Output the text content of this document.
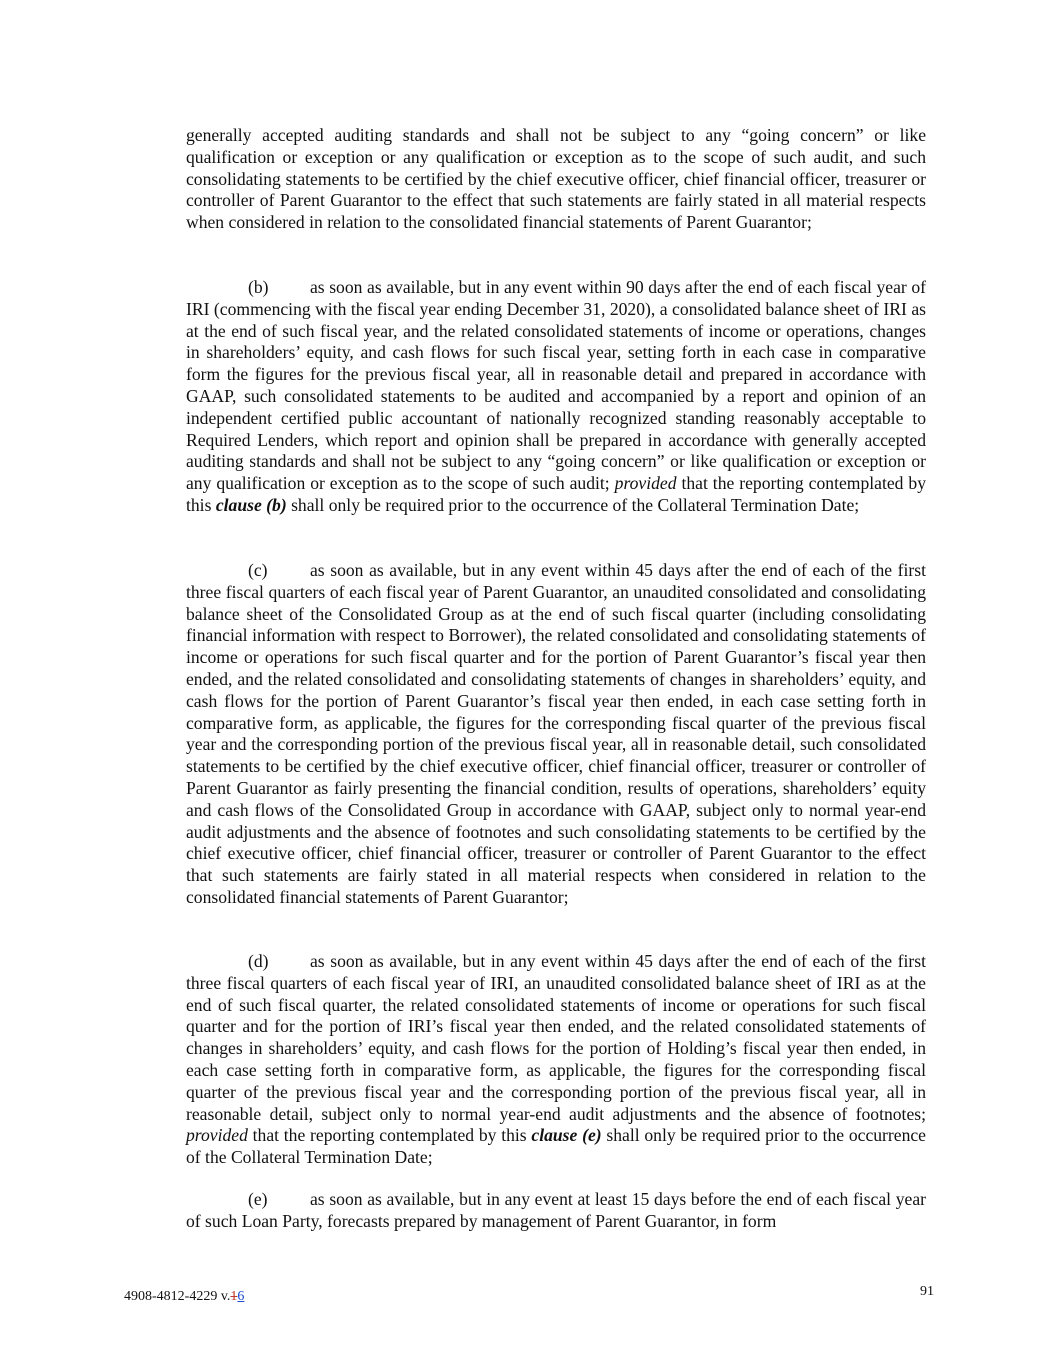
generally accepted auditing standards and shall not be subject to any “going concern” or like qualification or exception or any qualification or exception as to the scope of such audit, and such consolidating statements to be certified by the chief executive officer, chief financial officer, treasurer or controller of Parent Guarantor to the effect that such statements are fairly stated in all material respects when considered in relation to the consolidated financial statements of Parent Guarantor;

(b) as soon as available, but in any event within 90 days after the end of each fiscal year of IRI (commencing with the fiscal year ending December 31, 2020), a consolidated balance sheet of IRI as at the end of such fiscal year, and the related consolidated statements of income or operations, changes in shareholders’ equity, and cash flows for such fiscal year, setting forth in each case in comparative form the figures for the previous fiscal year, all in reasonable detail and prepared in accordance with GAAP, such consolidated statements to be audited and accompanied by a report and opinion of an independent certified public accountant of nationally recognized standing reasonably acceptable to Required Lenders, which report and opinion shall be prepared in accordance with generally accepted auditing standards and shall not be subject to any “going concern” or like qualification or exception or any qualification or exception as to the scope of such audit; provided that the reporting contemplated by this clause (b) shall only be required prior to the occurrence of the Collateral Termination Date;

(c) as soon as available, but in any event within 45 days after the end of each of the first three fiscal quarters of each fiscal year of Parent Guarantor, an unaudited consolidated and consolidating balance sheet of the Consolidated Group as at the end of such fiscal quarter (including consolidating financial information with respect to Borrower), the related consolidated and consolidating statements of income or operations for such fiscal quarter and for the portion of Parent Guarantor’s fiscal year then ended, and the related consolidated and consolidating statements of changes in shareholders’ equity, and cash flows for the portion of Parent Guarantor’s fiscal year then ended, in each case setting forth in comparative form, as applicable, the figures for the corresponding fiscal quarter of the previous fiscal year and the corresponding portion of the previous fiscal year, all in reasonable detail, such consolidated statements to be certified by the chief executive officer, chief financial officer, treasurer or controller of Parent Guarantor as fairly presenting the financial condition, results of operations, shareholders’ equity and cash flows of the Consolidated Group in accordance with GAAP, subject only to normal year-end audit adjustments and the absence of footnotes and such consolidating statements to be certified by the chief executive officer, chief financial officer, treasurer or controller of Parent Guarantor to the effect that such statements are fairly stated in all material respects when considered in relation to the consolidated financial statements of Parent Guarantor;

(d) as soon as available, but in any event within 45 days after the end of each of the first three fiscal quarters of each fiscal year of IRI, an unaudited consolidated balance sheet of IRI as at the end of such fiscal quarter, the related consolidated statements of income or operations for such fiscal quarter and for the portion of IRI’s fiscal year then ended, and the related consolidated statements of changes in shareholders’ equity, and cash flows for the portion of Holding’s fiscal year then ended, in each case setting forth in comparative form, as applicable, the figures for the corresponding fiscal quarter of the previous fiscal year and the corresponding portion of the previous fiscal year, all in reasonable detail, subject only to normal year-end audit adjustments and the absence of footnotes; provided that the reporting contemplated by this clause (e) shall only be required prior to the occurrence of the Collateral Termination Date;

(e) as soon as available, but in any event at least 15 days before the end of each fiscal year of such Loan Party, forecasts prepared by management of Parent Guarantor, in form

4908-4812-4229 v.16	91
